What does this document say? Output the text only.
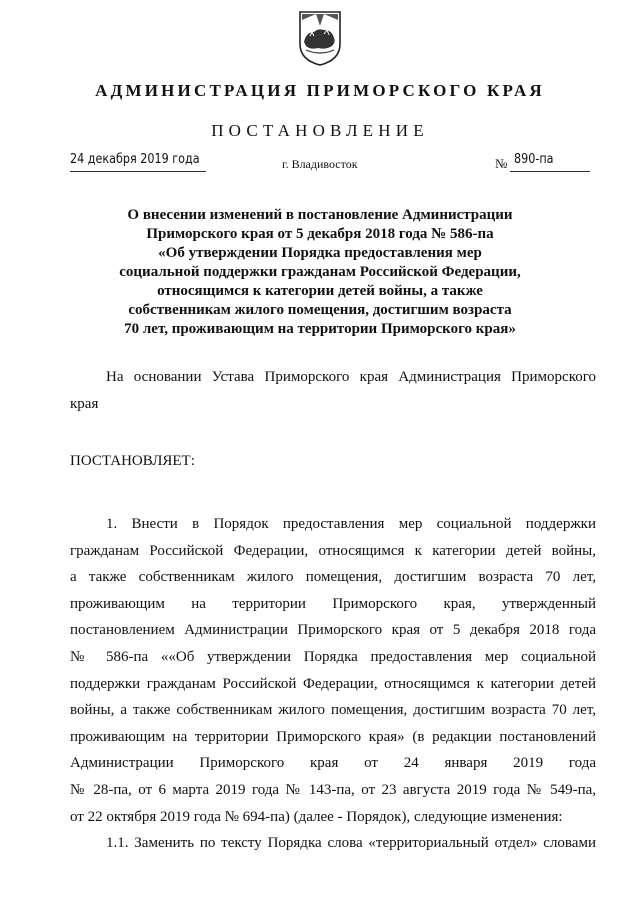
АДМИНИСТРАЦИЯ ПРИМОРСКОГО КРАЯ
ПОСТАНОВЛЕНИЕ
24 декабря 2019 года	г. Владивосток	№ 890-па

О внесении изменений в постановление Администрации
Приморского края от 5 декабря 2018 года № 586-па
«Об утверждении Порядка предоставления мер
социальной поддержки гражданам Российской Федерации,
относящимся к категории детей войны, а также
собственникам жилого помещения, достигшим возраста
70 лет, проживающим на территории Приморского края»

На основании Устава Приморского края Администрация Приморского
края

ПОСТАНОВЛЯЕТ:

1. Внести в Порядок предоставления мер социальной поддержки
гражданам Российской Федерации, относящимся к категории детей войны,
а также собственникам жилого помещения, достигшим возраста 70 лет,
проживающим на территории Приморского края, утвержденный
постановлением Администрации Приморского края от 5 декабря 2018 года
№ 586-па ««Об утверждении Порядка предоставления мер социальной
поддержки гражданам Российской Федерации, относящимся к категории детей
войны, а также собственникам жилого помещения, достигшим возраста 70 лет,
проживающим на территории Приморского края» (в редакции постановлений
Администрации Приморского края от 24 января 2019 года
№ 28-па, от 6 марта 2019 года № 143-па, от 23 августа 2019 года № 549-па,
от 22 октября 2019 года № 694-па) (далее - Порядок), следующие изменения:
1.1. Заменить по тексту Порядка слова «территориальный отдел» словами
